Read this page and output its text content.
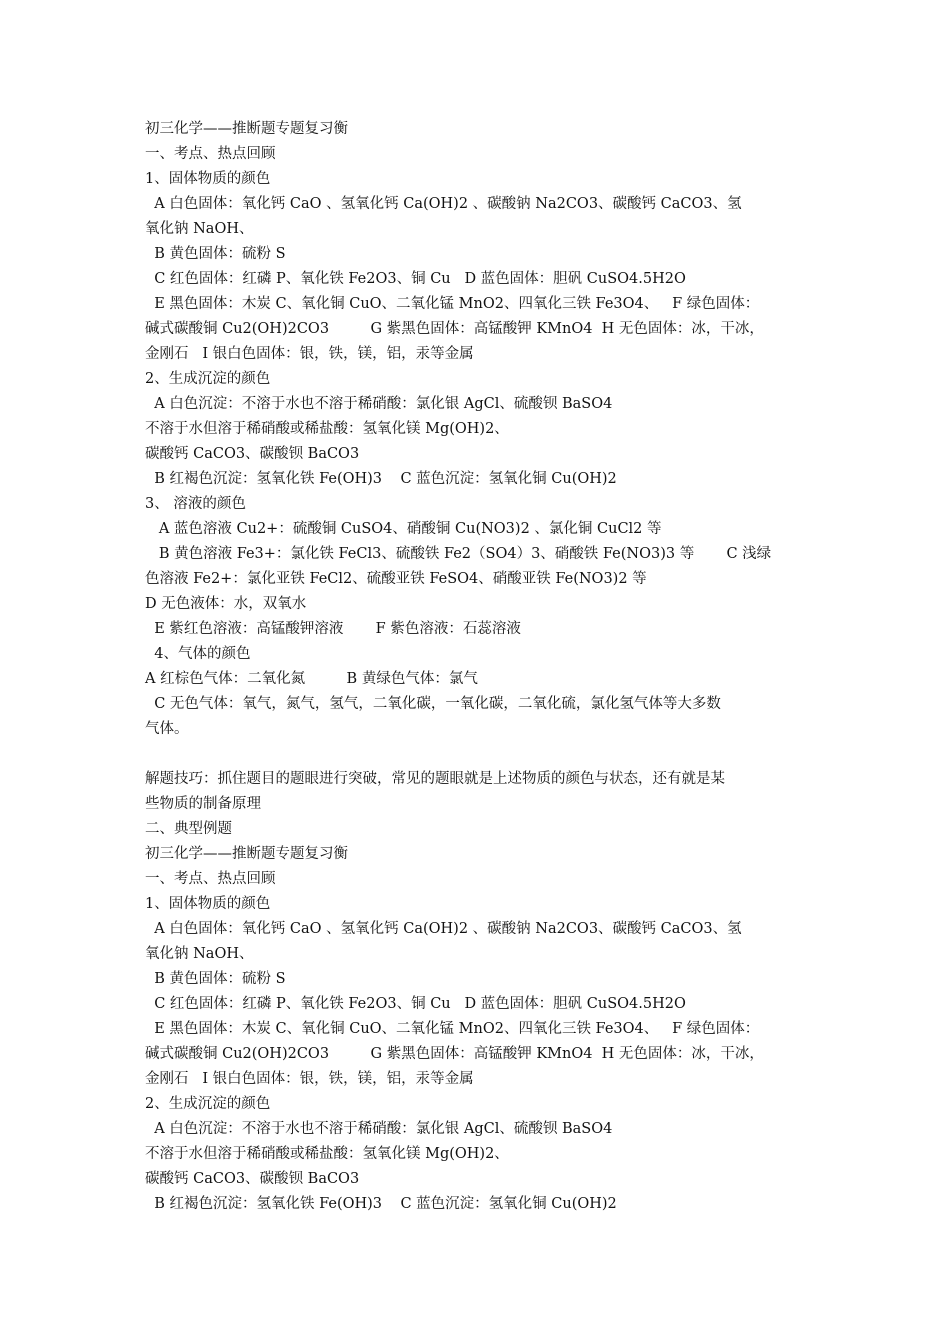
初三化学——推断题专题复习衡
一、考点、热点回顾
1、固体物质的颜色
A 白色固体：氧化钙 CaO 、氢氧化钙 Ca(OH)2 、碳酸钠 Na2CO3、碳酸钙 CaCO3、氢
氧化钠 NaOH、
B 黄色固体：硫粉 S
C 红色固体：红磷 P、氧化铁 Fe2O3、铜 Cu   D 蓝色固体：胆矾 CuSO4.5H2O
E 黑色固体：木炭 C、氧化铜 CuO、二氧化锰 MnO2、四氧化三铁 Fe3O4、   F 绿色固体：
碱式碳酸铜 Cu2(OH)2CO3         G 紫黑色固体：高锰酸钾 KMnO4  H 无色固体：冰，干冰，
金刚石   I 银白色固体：银，铁，镁，铝，汞等金属
2、生成沉淀的颜色
A 白色沉淀：不溶于水也不溶于稀硝酸：氯化银 AgCl、硫酸钡 BaSO4
不溶于水但溶于稀硝酸或稀盐酸：氢氧化镁 Mg(OH)2、
碳酸钙 CaCO3、碳酸钡 BaCO3
B 红褐色沉淀：氢氧化铁 Fe(OH)3    C 蓝色沉淀：氢氧化铜 Cu(OH)2
3、 溶液的颜色
A 蓝色溶液 Cu2+：硫酸铜 CuSO4、硝酸铜 Cu(NO3)2 、氯化铜 CuCl2 等
B 黄色溶液 Fe3+：氯化铁 FeCl3、硫酸铁 Fe2（SO4）3、硝酸铁 Fe(NO3)3 等       C 浅绿
色溶液 Fe2+：氯化亚铁 FeCl2、硫酸亚铁 FeSO4、硝酸亚铁 Fe(NO3)2 等
D 无色液体：水，双氧水
E 紫红色溶液：高锰酸钾溶液       F 紫色溶液：石蕊溶液
4、气体的颜色
A 红棕色气体：二氧化氮         B 黄绿色气体：氯气
C 无色气体：氧气，氮气，氢气，二氧化碳，一氧化碳，二氧化硫，氯化氢气体等大多数
气体。
解题技巧：抓住题目的题眼进行突破，常见的题眼就是上述物质的颜色与状态，还有就是某
些物质的制备原理
二、典型例题
初三化学——推断题专题复习衡
一、考点、热点回顾
1、固体物质的颜色
A 白色固体：氧化钙 CaO 、氢氧化钙 Ca(OH)2 、碳酸钠 Na2CO3、碳酸钙 CaCO3、氢
氧化钠 NaOH、
B 黄色固体：硫粉 S
C 红色固体：红磷 P、氧化铁 Fe2O3、铜 Cu   D 蓝色固体：胆矾 CuSO4.5H2O
E 黑色固体：木炭 C、氧化铜 CuO、二氧化锰 MnO2、四氧化三铁 Fe3O4、   F 绿色固体：
碱式碳酸铜 Cu2(OH)2CO3         G 紫黑色固体：高锰酸钾 KMnO4  H 无色固体：冰，干冰，
金刚石   I 银白色固体：银，铁，镁，铝，汞等金属
2、生成沉淀的颜色
A 白色沉淀：不溶于水也不溶于稀硝酸：氯化银 AgCl、硫酸钡 BaSO4
不溶于水但溶于稀硝酸或稀盐酸：氢氧化镁 Mg(OH)2、
碳酸钙 CaCO3、碳酸钡 BaCO3
B 红褐色沉淀：氢氧化铁 Fe(OH)3    C 蓝色沉淀：氢氧化铜 Cu(OH)2
